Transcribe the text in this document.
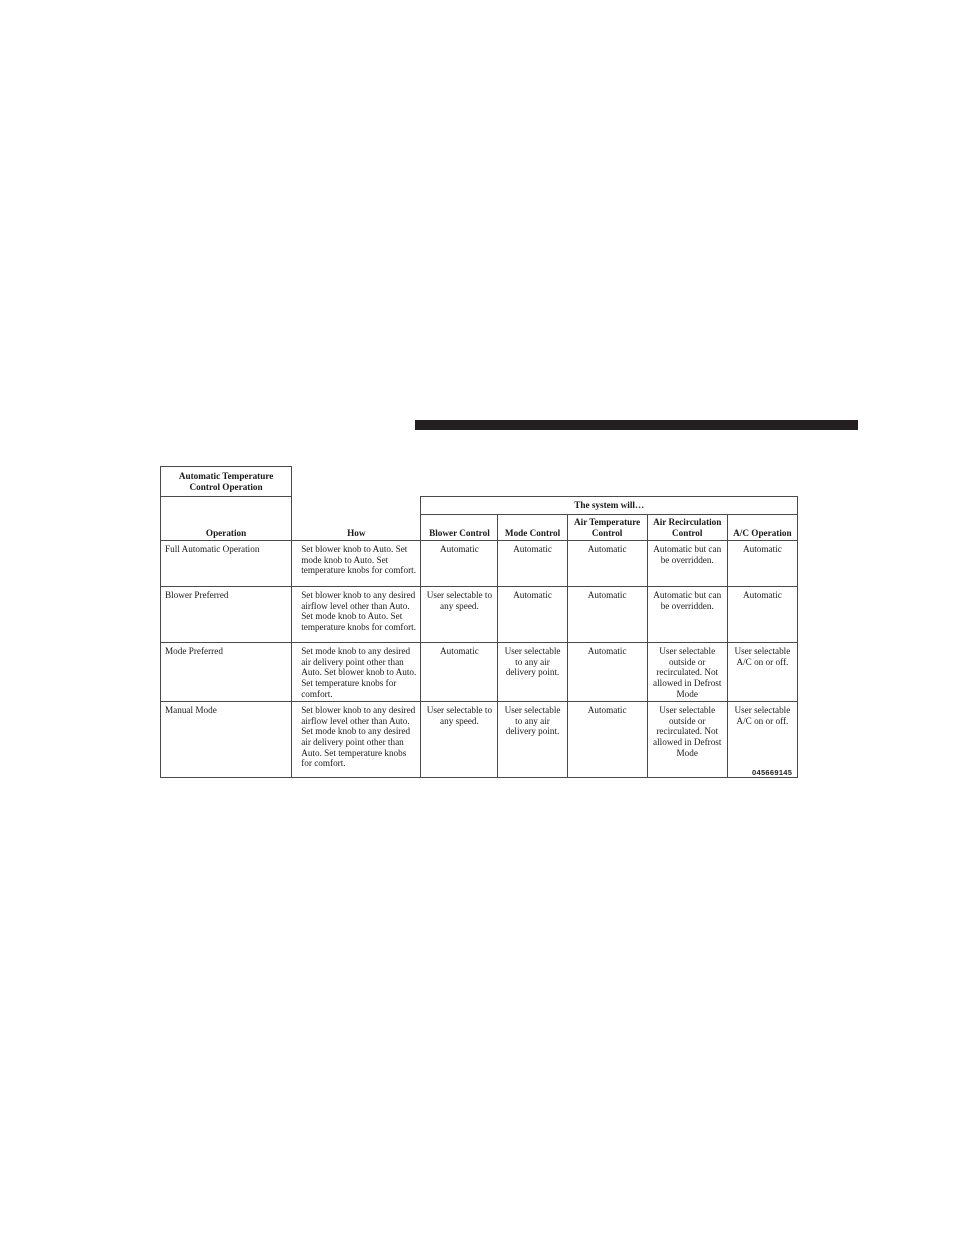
Automatic Temperature Control Operation						
		The system will…				
Operation	How	Blower Control	Mode Control	Air Temperature Control	Air Recirculation Control	A/C Operation
Full Automatic Operation	Set blower knob to Auto. Set mode knob to Auto. Set temperature knobs for comfort.	Automatic	Automatic	Automatic	Automatic but can be overridden.	Automatic
Blower Preferred	Set blower knob to any desired airflow level other than Auto. Set mode knob to Auto. Set temperature knobs for comfort.	User selectable to any speed.	Automatic	Automatic	Automatic but can be overridden.	Automatic
Mode Preferred	Set mode knob to any desired air delivery point other than Auto. Set blower knob to Auto. Set temperature knobs for comfort.	Automatic	User selectable to any air delivery point.	Automatic	User selectable outside or recirculated. Not allowed in Defrost Mode	User selectable A/C on or off.
Manual Mode	Set blower knob to any desired airflow level other than Auto. Set mode knob to any desired air delivery point other than Auto. Set temperature knobs for comfort.	User selectable to any speed.	User selectable to any air delivery point.	Automatic	User selectable outside or recirculated. Not allowed in Defrost Mode	User selectable A/C on or off.
045669145
